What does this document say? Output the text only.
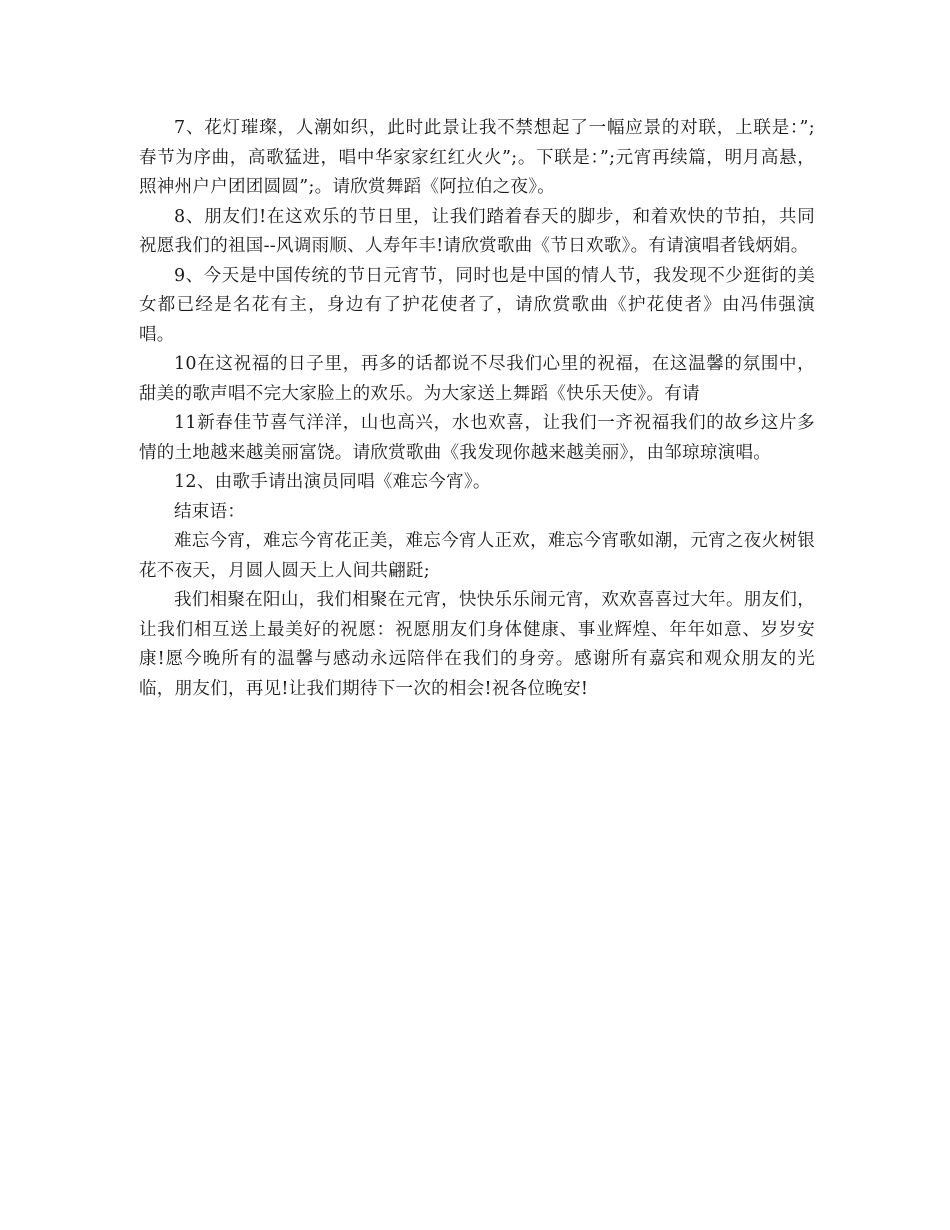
7、花灯璀璨，人潮如织，此时此景让我不禁想起了一幅应景的对联，上联是：”;春节为序曲，高歌猛进，唱中华家家红红火火”;。下联是：”;元宵再续篇，明月高悬，照神州户户团团圆圆”;。请欣赏舞蹈《阿拉伯之夜》。

8、朋友们!在这欢乐的节日里，让我们踏着春天的脚步，和着欢快的节拍，共同祝愿我们的祖国--风调雨顺、人寿年丰!请欣赏歌曲《节日欢歌》。有请演唱者钱炳娟。

9、今天是中国传统的节日元宵节，同时也是中国的情人节，我发现不少逛街的美女都已经是名花有主，身边有了护花使者了，请欣赏歌曲《护花使者》由冯伟强演唱。

10在这祝福的日子里，再多的话都说不尽我们心里的祝福，在这温馨的氛围中，甜美的歌声唱不完大家脸上的欢乐。为大家送上舞蹈《快乐天使》。有请

11新春佳节喜气洋洋，山也高兴，水也欢喜，让我们一齐祝福我们的故乡这片多情的土地越来越美丽富饶。请欣赏歌曲《我发现你越来越美丽》，由邹琼琼演唱。

12、由歌手请出演员同唱《难忘今宵》。

结束语：

难忘今宵，难忘今宵花正美，难忘今宵人正欢，难忘今宵歌如潮，元宵之夜火树银花不夜天，月圆人圆天上人间共翩跹;

我们相聚在阳山，我们相聚在元宵，快快乐乐闹元宵，欢欢喜喜过大年。朋友们，让我们相互送上最美好的祝愿：祝愿朋友们身体健康、事业辉煌、年年如意、岁岁安康!愿今晚所有的温馨与感动永远陪伴在我们的身旁。感谢所有嘉宾和观众朋友的光临，朋友们，再见!让我们期待下一次的相会!祝各位晚安!
